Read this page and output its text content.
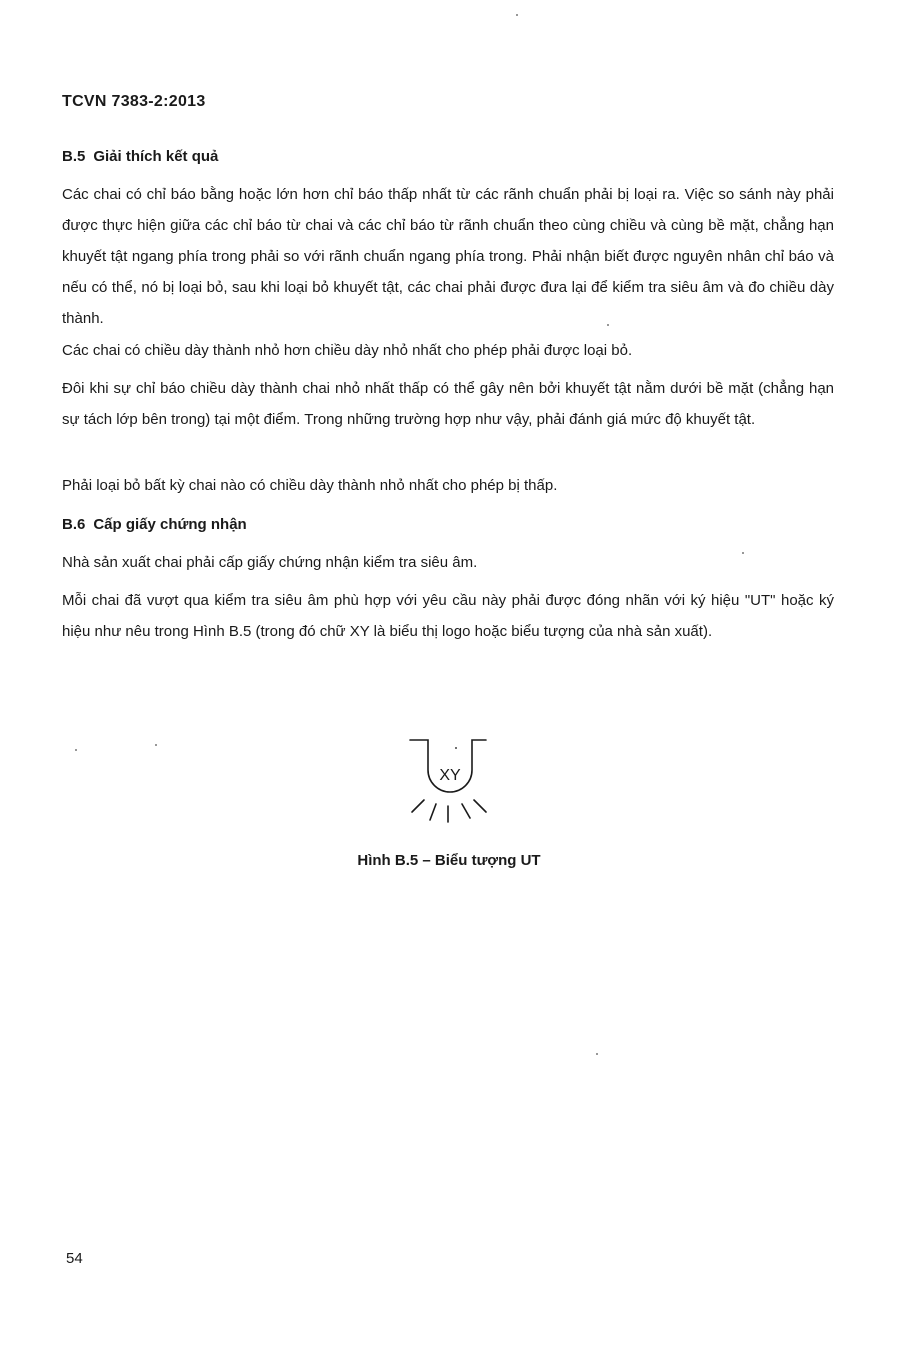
TCVN 7383-2:2013
B.5 Giải thích kết quả

Các chai có chỉ báo bằng hoặc lớn hơn chỉ báo thấp nhất từ các rãnh chuẩn phải bị loại ra. Việc so sánh này phải được thực hiện giữa các chỉ báo từ chai và các chỉ báo từ rãnh chuẩn theo cùng chiều và cùng bề mặt, chẳng hạn khuyết tật ngang phía trong phải so với rãnh chuẩn ngang phía trong. Phải nhận biết được nguyên nhân chỉ báo và nếu có thể, nó bị loại bỏ, sau khi loại bỏ khuyết tật, các chai phải được đưa lại để kiểm tra siêu âm và đo chiều dày thành.

Các chai có chiều dày thành nhỏ hơn chiều dày nhỏ nhất cho phép phải được loại bỏ.

Đôi khi sự chỉ báo chiều dày thành chai nhỏ nhất thấp có thể gây nên bởi khuyết tật nằm dưới bề mặt (chẳng hạn sự tách lớp bên trong) tại một điểm. Trong những trường hợp như vậy, phải đánh giá mức độ khuyết tật.

Phải loại bỏ bất kỳ chai nào có chiều dày thành nhỏ nhất cho phép bị thấp.

B.6 Cấp giấy chứng nhận

Nhà sản xuất chai phải cấp giấy chứng nhận kiểm tra siêu âm.

Mỗi chai đã vượt qua kiểm tra siêu âm phù hợp với yêu cầu này phải được đóng nhãn với ký hiệu "UT" hoặc ký hiệu như nêu trong Hình B.5 (trong đó chữ XY là biểu thị logo hoặc biểu tượng của nhà sản xuất).

XY
Hình B.5 – Biểu tượng UT
54
